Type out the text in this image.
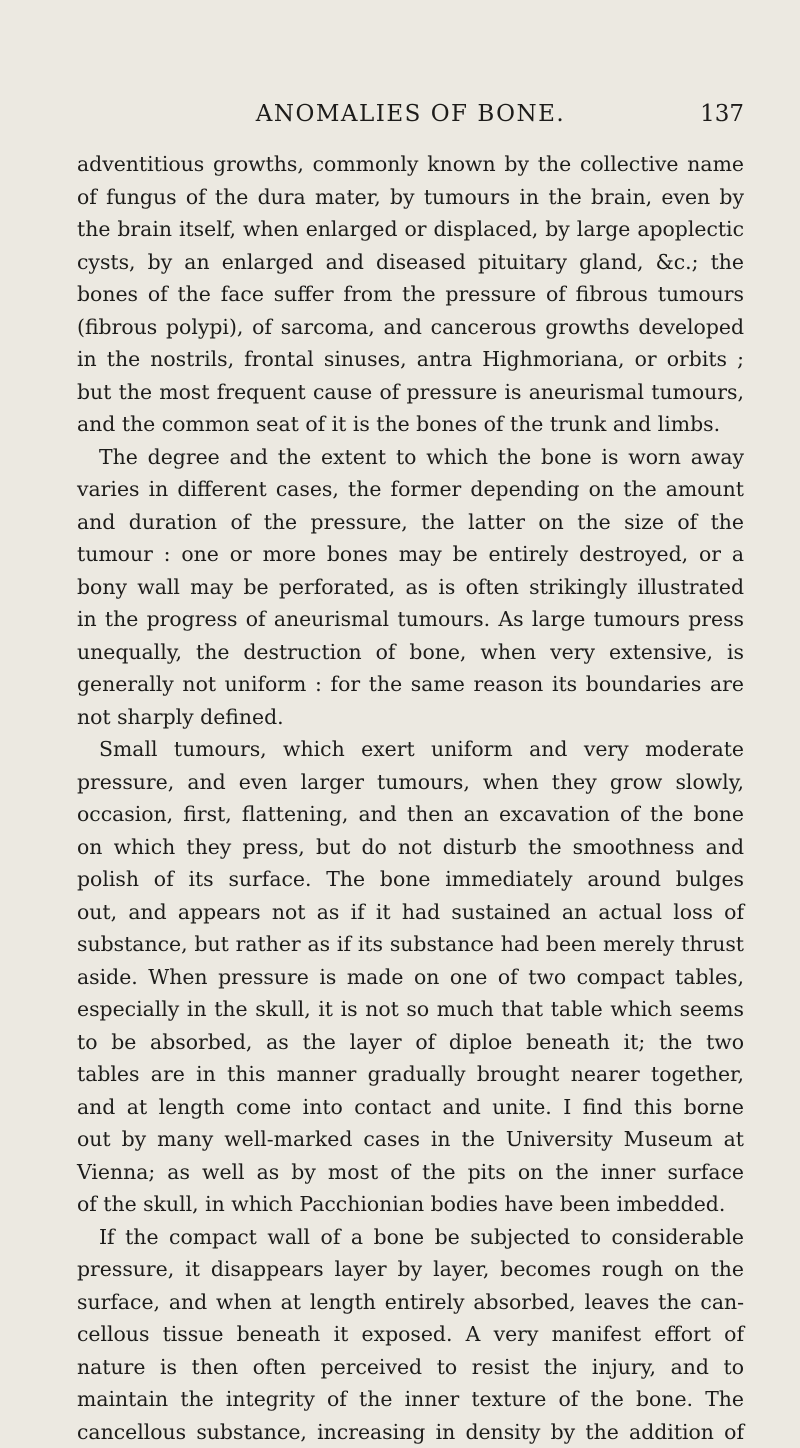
ANOMALIES OF BONE.	137
adventitious growths, commonly known by the collective name
of fungus of the dura mater, by tumours in the brain, even by
the brain itself, when enlarged or displaced, by large apoplectic
cysts, by an enlarged and diseased pituitary gland, &c.; the
bones of the face suffer from the pressure of fibrous tumours
(fibrous polypi), of sarcoma, and cancerous growths developed
in the nostrils, frontal sinuses, antra Highmoriana, or orbits ;
but the most frequent cause of pressure is aneurismal tumours,
and the common seat of it is the bones of the trunk and limbs.
The degree and the extent to which the bone is worn away
varies in different cases, the former depending on the amount
and duration of the pressure, the latter on the size of the
tumour : one or more bones may be entirely destroyed, or a
bony wall may be perforated, as is often strikingly illustrated
in the progress of aneurismal tumours. As large tumours press
unequally, the destruction of bone, when very extensive, is
generally not uniform : for the same reason its boundaries are
not sharply defined.
Small tumours, which exert uniform and very moderate
pressure, and even larger tumours, when they grow slowly,
occasion, first, flattening, and then an excavation of the bone
on which they press, but do not disturb the smoothness and
polish of its surface. The bone immediately around bulges
out, and appears not as if it had sustained an actual loss of
substance, but rather as if its substance had been merely thrust
aside. When pressure is made on one of two compact tables,
especially in the skull, it is not so much that table which seems
to be absorbed, as the layer of diploe beneath it; the two
tables are in this manner gradually brought nearer together,
and at length come into contact and unite. I find this borne
out by many well-marked cases in the University Museum at
Vienna; as well as by most of the pits on the inner surface
of the skull, in which Pacchionian bodies have been imbedded.
If the compact wall of a bone be subjected to considerable
pressure, it disappears layer by layer, becomes rough on the
surface, and when at length entirely absorbed, leaves the can-
cellous tissue beneath it exposed. A very manifest effort of
nature is then often perceived to resist the injury, and to
maintain the integrity of the inner texture of the bone. The
cancellous substance, increasing in density by the addition of
